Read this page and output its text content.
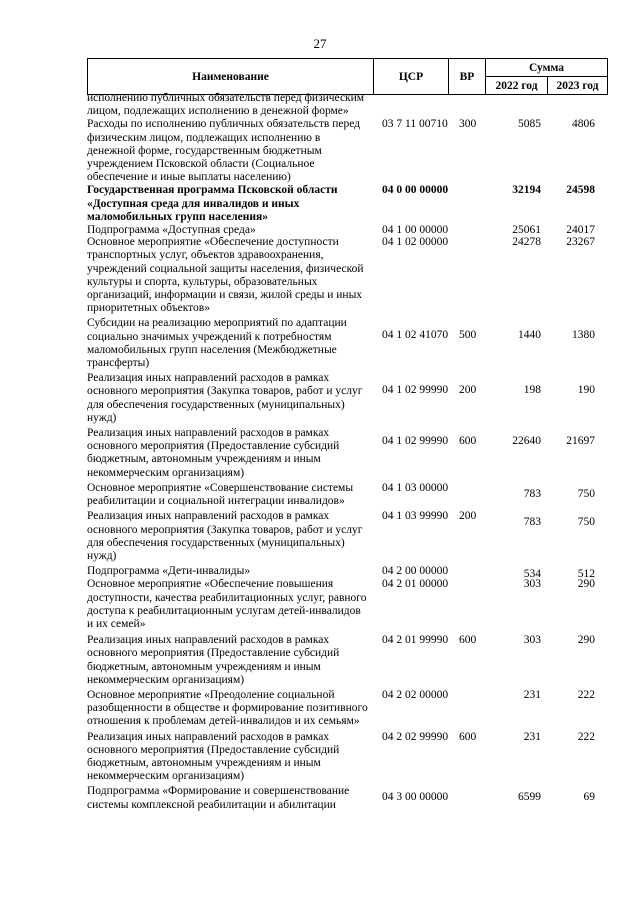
27
Наименование	ЦСР	ВР
Сумма
2022 год	2023 год
исполнению публичных обязательств перед физическим лицом, подлежащих исполнению в денежной форме»
Расходы по исполнению публичных обязательств перед физическим лицом, подлежащих исполнению в денежной форме, государственным бюджетным учреждением Псковской области (Социальное обеспечение и иные выплаты населению)
03 7 11 00710 300	5085	4806
Государственная программа Псковской области «Доступная среда для инвалидов и иных маломобильных групп населения»
04 0 00 00000	32194	24598
Подпрограмма «Доступная среда»	04 1 00 00000	25061	24017
Основное мероприятие «Обеспечение доступности транспортных услуг, объектов здравоохранения, учреждений социальной защиты населения, физической культуры и спорта, культуры, образовательных организаций, информации и связи, жилой среды и иных приоритетных объектов»
04 1 02 00000	24278	23267
Субсидии на реализацию мероприятий по адаптации социально значимых учреждений к потребностям маломобильных групп населения (Межбюджетные трансферты)
04 1 02 41070 500	1440	1380
Реализация иных направлений расходов в рамках основного мероприятия (Закупка товаров, работ и услуг для обеспечения государственных (муниципальных) нужд)
04 1 02 99990 200	198	190
Реализация иных направлений расходов в рамках основного мероприятия (Предоставление субсидий бюджетным, автономным учреждениям и иным некоммерческим организациям)
04 1 02 99990 600	22640	21697
Основное мероприятие «Совершенствование системы реабилитации и социальной интеграции инвалидов»
04 1 03 00000	783	750
Реализация иных направлений расходов в рамках основного мероприятия (Закупка товаров, работ и услуг для обеспечения государственных (муниципальных) нужд)
04 1 03 99990 200	783	750
Подпрограмма «Дети-инвалиды»	04 2 00 00000	534	512
Основное мероприятие «Обеспечение повышения доступности, качества реабилитационных услуг, равного доступа к реабилитационным услугам детей-инвалидов и их семей»
04 2 01 00000	303	290
Реализация иных направлений расходов в рамках основного мероприятия (Предоставление субсидий бюджетным, автономным учреждениям и иным некоммерческим организациям)
04 2 01 99990 600	303	290
Основное мероприятие «Преодоление социальной разобщенности в обществе и формирование позитивного отношения к проблемам детей-инвалидов и их семьям»
04 2 02 00000	231	222
Реализация иных направлений расходов в рамках основного мероприятия (Предоставление субсидий бюджетным, автономным учреждениям и иным некоммерческим организациям)
04 2 02 99990 600	231	222
Подпрограмма «Формирование и совершенствование системы комплексной реабилитации и абилитации
04 3 00 00000	6599	69
